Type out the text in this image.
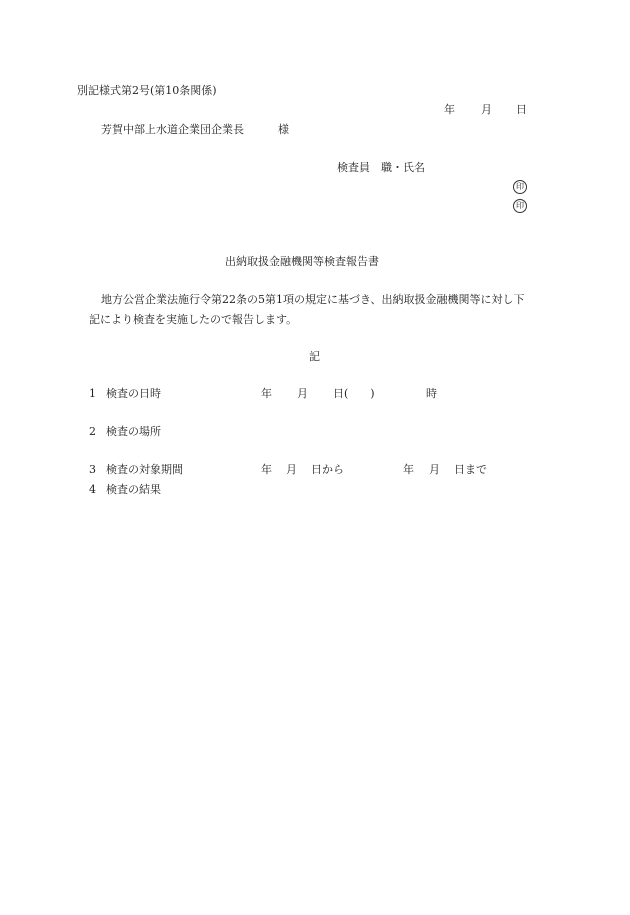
別記様式第2号(第10条関係)
年 月 日
芳賀中部上水道企業団企業長	様
検査員　職・氏名
印
印
出納取扱金融機関等検査報告書
地方公営企業法施行令第22条の5第1項の規定に基づき、出納取扱金融機関等に対し下
記により検査を実施したので報告します。
記
1 検査の日時	年 月 日(　　)	時
2 検査の場所
3 検査の対象期間	年 月 日から	年 月 日まで
4 検査の結果
